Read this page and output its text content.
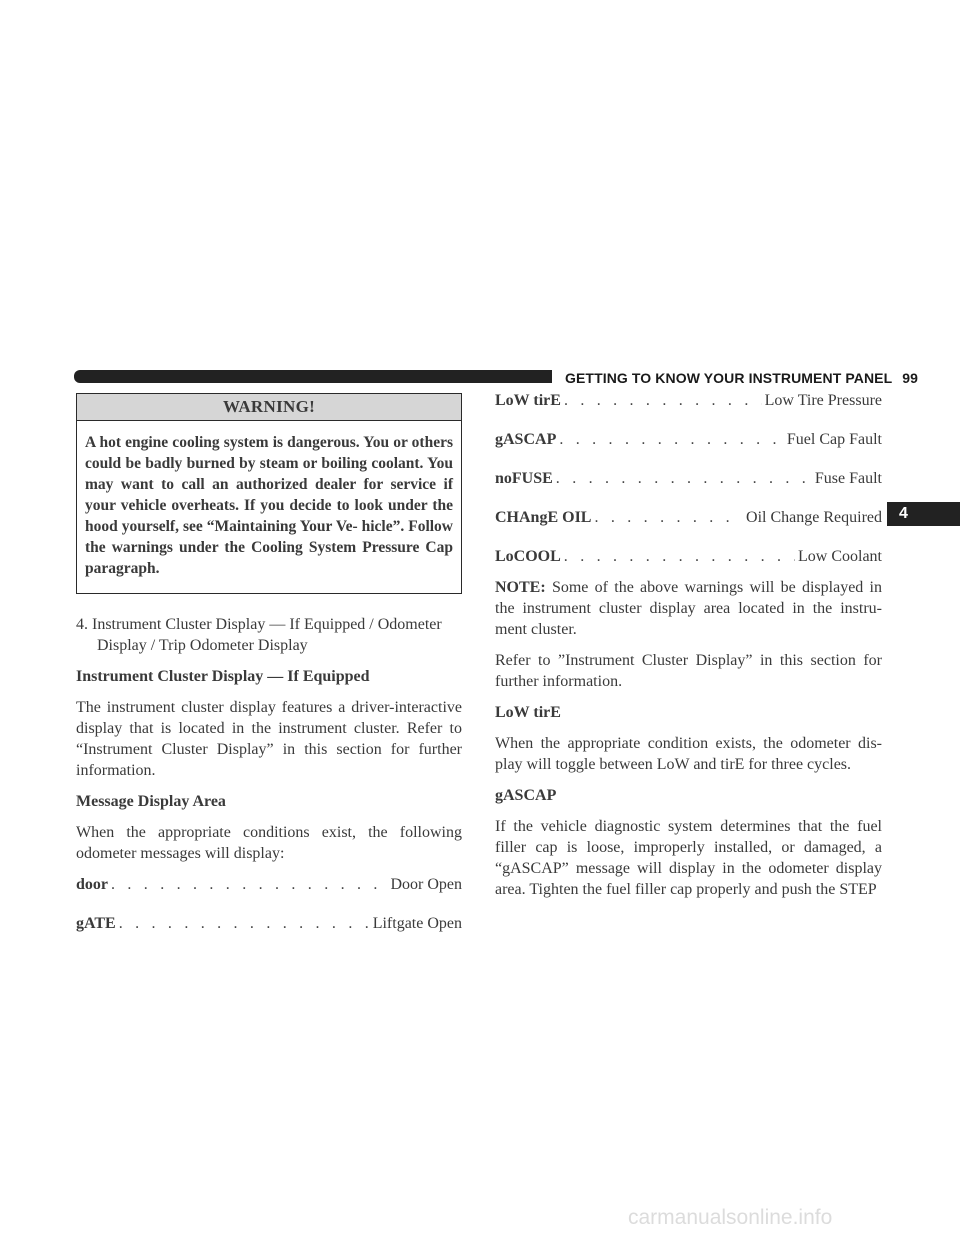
GETTING TO KNOW YOUR INSTRUMENT PANEL 99
WARNING!
A hot engine cooling system is dangerous. You or others could be badly burned by steam or boiling coolant. You may want to call an authorized dealer for service if your vehicle overheats. If you decide to look under the hood yourself, see “Maintaining Your Ve- hicle”. Follow the warnings under the Cooling System Pressure Cap paragraph.

4. Instrument Cluster Display — If Equipped / Odometer Display / Trip Odometer Display

Instrument Cluster Display — If Equipped

The instrument cluster display features a driver-interactive display that is located in the instrument cluster. Refer to “Instrument Cluster Display” in this section for further information.

Message Display Area

When the appropriate conditions exist, the following odometer messages will display:

door . . .	Door Open
gATE . . .	Liftgate Open
LoW tirE . . .	Low Tire Pressure
gASCAP . . .	Fuel Cap Fault
noFUSE . . .	Fuse Fault
CHAngE OIL . . .	Oil Change Required
LoCOOL . . .	Low Coolant

NOTE: Some of the above warnings will be displayed in the instrument cluster display area located in the instru- ment cluster.

Refer to ”Instrument Cluster Display” in this section for further information.

LoW tirE

When the appropriate condition exists, the odometer dis- play will toggle between LoW and tirE for three cycles.

gASCAP

If the vehicle diagnostic system determines that the fuel filler cap is loose, improperly installed, or damaged, a “gASCAP” message will display in the odometer display area. Tighten the fuel filler cap properly and push the STEP

4
carmanualsonline.info
